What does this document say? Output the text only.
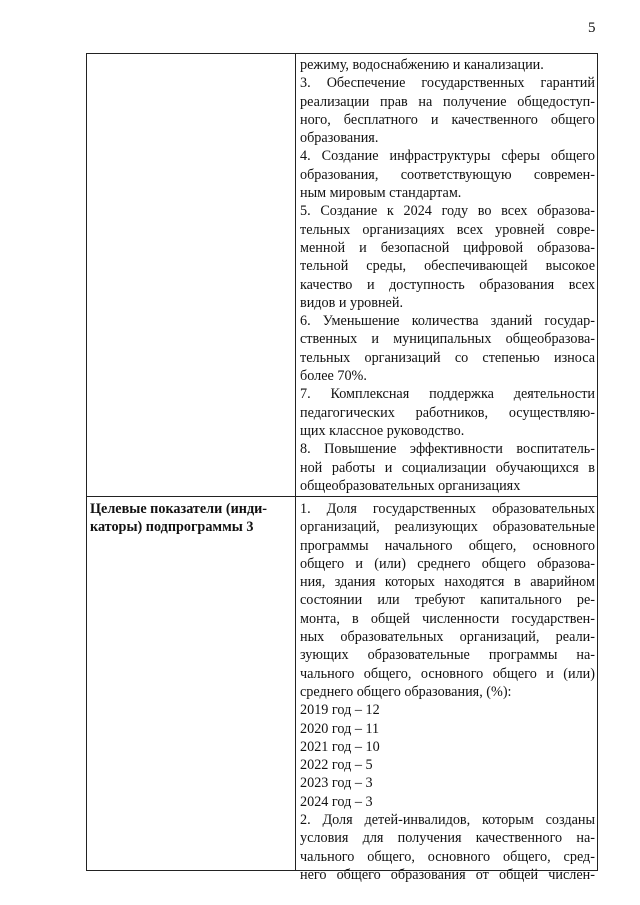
5
режиму, водоснабжению и канализации.
3. Обеспечение государственных гарантий
реализации прав на получение общедоступ-
ного, бесплатного и качественного общего
образования.
4. Создание инфраструктуры сферы общего
образования, соответствующую современ-
ным мировым стандартам.
5. Создание к 2024 году во всех образова-
тельных организациях всех уровней совре-
менной и безопасной цифровой образова-
тельной среды, обеспечивающей высокое
качество и доступность образования всех
видов и уровней.
6. Уменьшение количества зданий государ-
ственных и муниципальных общеобразова-
тельных организаций со степенью износа
более 70%.
7. Комплексная поддержка деятельности
педагогических работников, осуществляю-
щих классное руководство.
8. Повышение эффективности воспитатель-
ной работы и социализации обучающихся в
общеобразовательных организациях
Целевые показатели (инди-
каторы) подпрограммы 3
1. Доля государственных образовательных
организаций, реализующих образовательные
программы начального общего, основного
общего и (или) среднего общего образова-
ния, здания которых находятся в аварийном
состоянии или требуют капитального ре-
монта, в общей численности государствен-
ных образовательных организаций, реали-
зующих образовательные программы на-
чального общего, основного общего и (или)
среднего общего образования, (%):
2019 год – 12
2020 год – 11
2021 год – 10
2022 год – 5
2023 год – 3
2024 год – 3
2. Доля детей-инвалидов, которым созданы
условия для получения качественного на-
чального общего, основного общего, сред-
него общего образования от общей числен-
